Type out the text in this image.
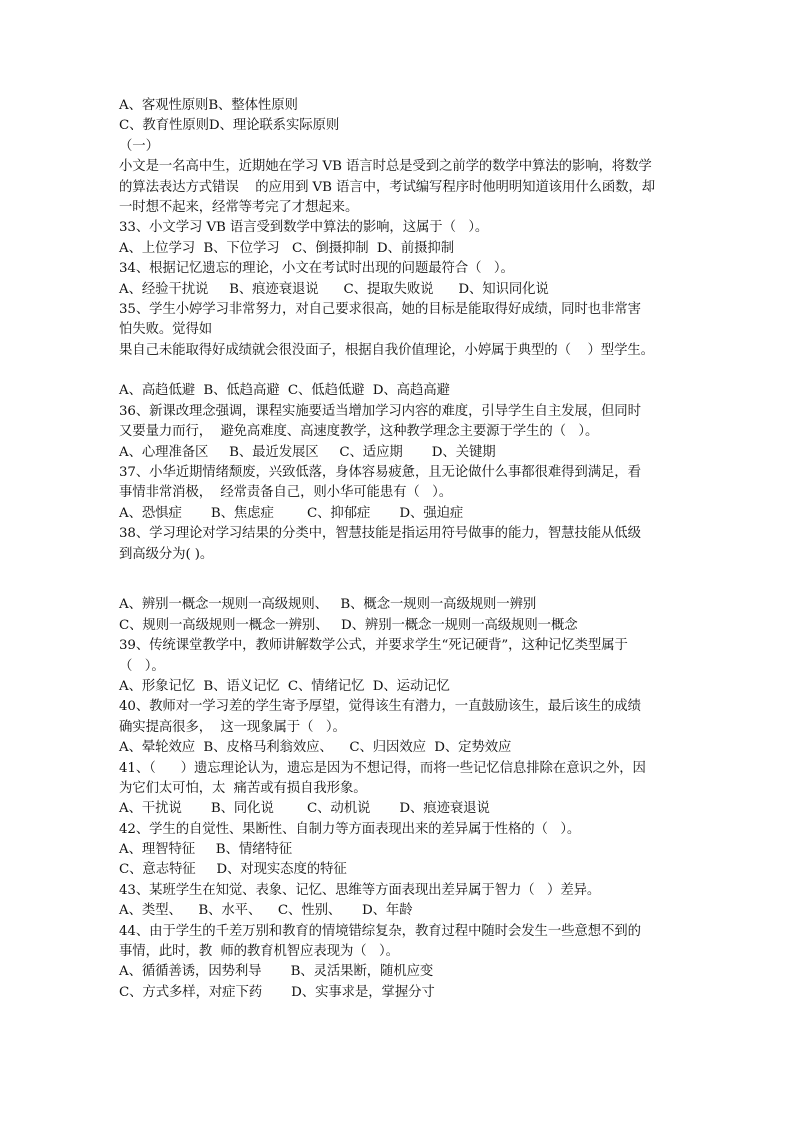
A、客观性原则B、整体性原则
C、教育性原则D、理论联系实际原则
（一）
小文是一名高中生，近期她在学习 VB 语言时总是受到之前学的数学中算法的影响，将数学
的算法表达方式错误    的应用到 VB 语言中，考试编写程序时他明明知道该用什么函数，却
一时想不起来，经常等考完了才想起来。
33、小文学习 VB 语言受到数学中算法的影响，这属于（   ）。
A、上位学习  B、下位学习   C、倒摄抑制  D、前摄抑制
34、根据记忆遗忘的理论，小文在考试时出现的问题最符合（   ）。
A、经验干扰说     B、痕迹衰退说      C、提取失败说      D、知识同化说
35、学生小婷学习非常努力，对自己要求很高，她的目标是能取得好成绩，同时也非常害
怕失败。觉得如
果自己未能取得好成绩就会很没面子，根据自我价值理论，小婷属于典型的（    ）型学生。
A、高趋低避  B、低趋高避  C、低趋低避  D、高趋高避
36、新课改理念强调，课程实施要适当增加学习内容的难度，引导学生自主发展，但同时
又要量力而行，  避免高难度、高速度教学，这种教学理念主要源于学生的（   ）。
A、心理准备区     B、最近发展区     C、适应期       D、关键期
37、小华近期情绪颓废，兴致低落，身体容易疲惫，且无论做什么事都很难得到满足，看
事情非常消极，  经常责备自己，则小华可能患有（   ）。
A、恐惧症       B、焦虑症        C、抑郁症       D、强迫症
38、学习理论对学习结果的分类中，智慧技能是指运用符号做事的能力，智慧技能从低级
到高级分为( )。
A、辨别一概念一规则一高级规则、   B、概念一规则一高级规则一辨别
C、规则一高级规则一概念一辨别、   D、辨别一概念一规则一高级规则一概念
39、传统课堂教学中，教师讲解数学公式，并要求学生“死记硬背”，这种记忆类型属于
（   ）。
A、形象记忆  B、语义记忆  C、情绪记忆  D、运动记忆
40、教师对一学习差的学生寄予厚望，觉得该生有潜力，一直鼓励该生，最后该生的成绩
确实提高很多，  这一现象属于（   ）。
A、晕轮效应  B、皮格马利翁效应、    C、归因效应  D、定势效应
41、（      ）遗忘理论认为，遗忘是因为不想记得，而将一些记忆信息排除在意识之外，因
为它们太可怕，太  痛苦或有损自我形象。
A、干扰说       B、同化说        C、动机说       D、痕迹衰退说
42、学生的自觉性、果断性、自制力等方面表现出来的差异属于性格的（   ）。
A、理智特征     B、情绪特征
C、意志特征     D、对现实态度的特征
43、某班学生在知觉、表象、记忆、思维等方面表现出差异属于智力（   ）差异。
A、类型、    B、水平、    C、性别、     D、年龄
44、由于学生的千差万别和教育的情境错综复杂，教育过程中随时会发生一些意想不到的
事情，此时，教  师的教育机智应表现为（   ）。
A、循循善诱，因势利导       B、灵活果断，随机应变
C、方式多样，对症下药       D、实事求是，掌握分寸
